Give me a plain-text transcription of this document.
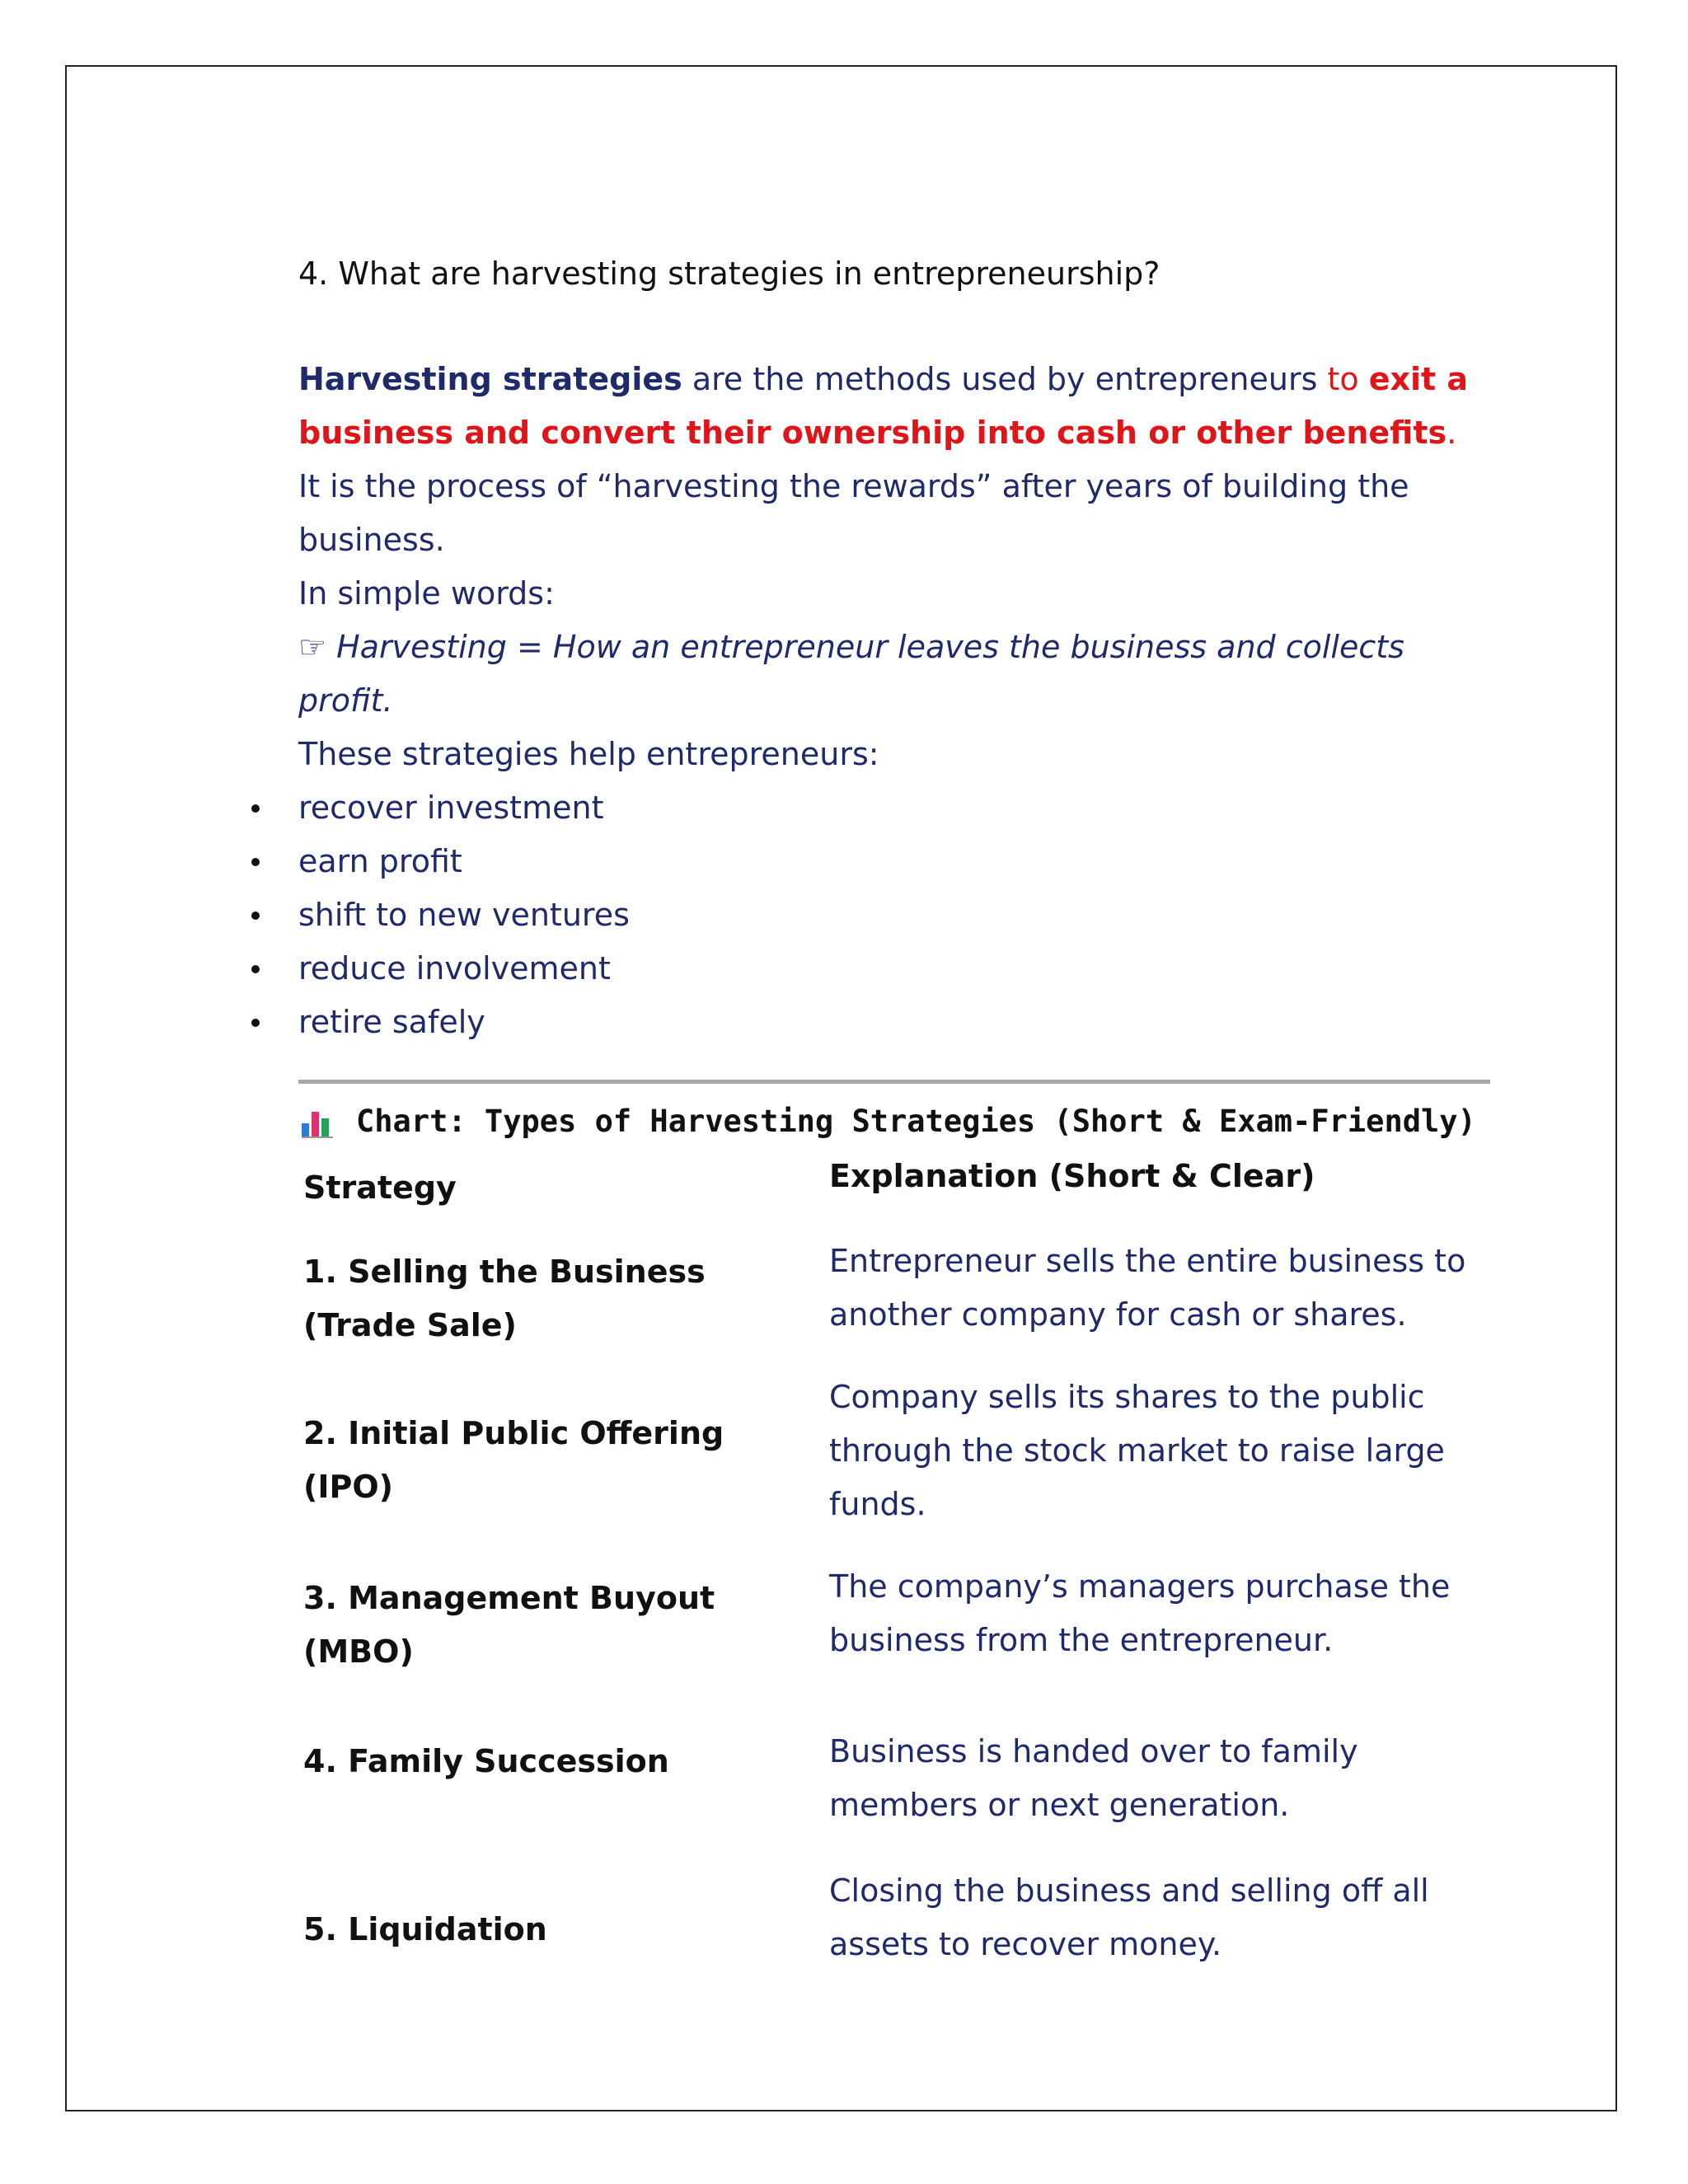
4. What are harvesting strategies in entrepreneurship?

Harvesting strategies are the methods used by entrepreneurs to exit a business and convert their ownership into cash or other benefits.

It is the process of “harvesting the rewards” after years of building the business.

In simple words:

☞ Harvesting = How an entrepreneur leaves the business and collects profit.

These strategies help entrepreneurs:

recover investment
earn profit
shift to new ventures
reduce involvement
retire safely
Chart: Types of Harvesting Strategies (Short & Exam-Friendly)
Strategy	Explanation (Short & Clear)
1. Selling the Business (Trade Sale)
Entrepreneur sells the entire business to another company for cash or shares.
2. Initial Public Offering (IPO)
Company sells its shares to the public through the stock market to raise large funds.
3. Management Buyout (MBO)
The company’s managers purchase the business from the entrepreneur.
4. Family Succession	Business is handed over to family members or next generation.
5. Liquidation
Closing the business and selling off all assets to recover money.
